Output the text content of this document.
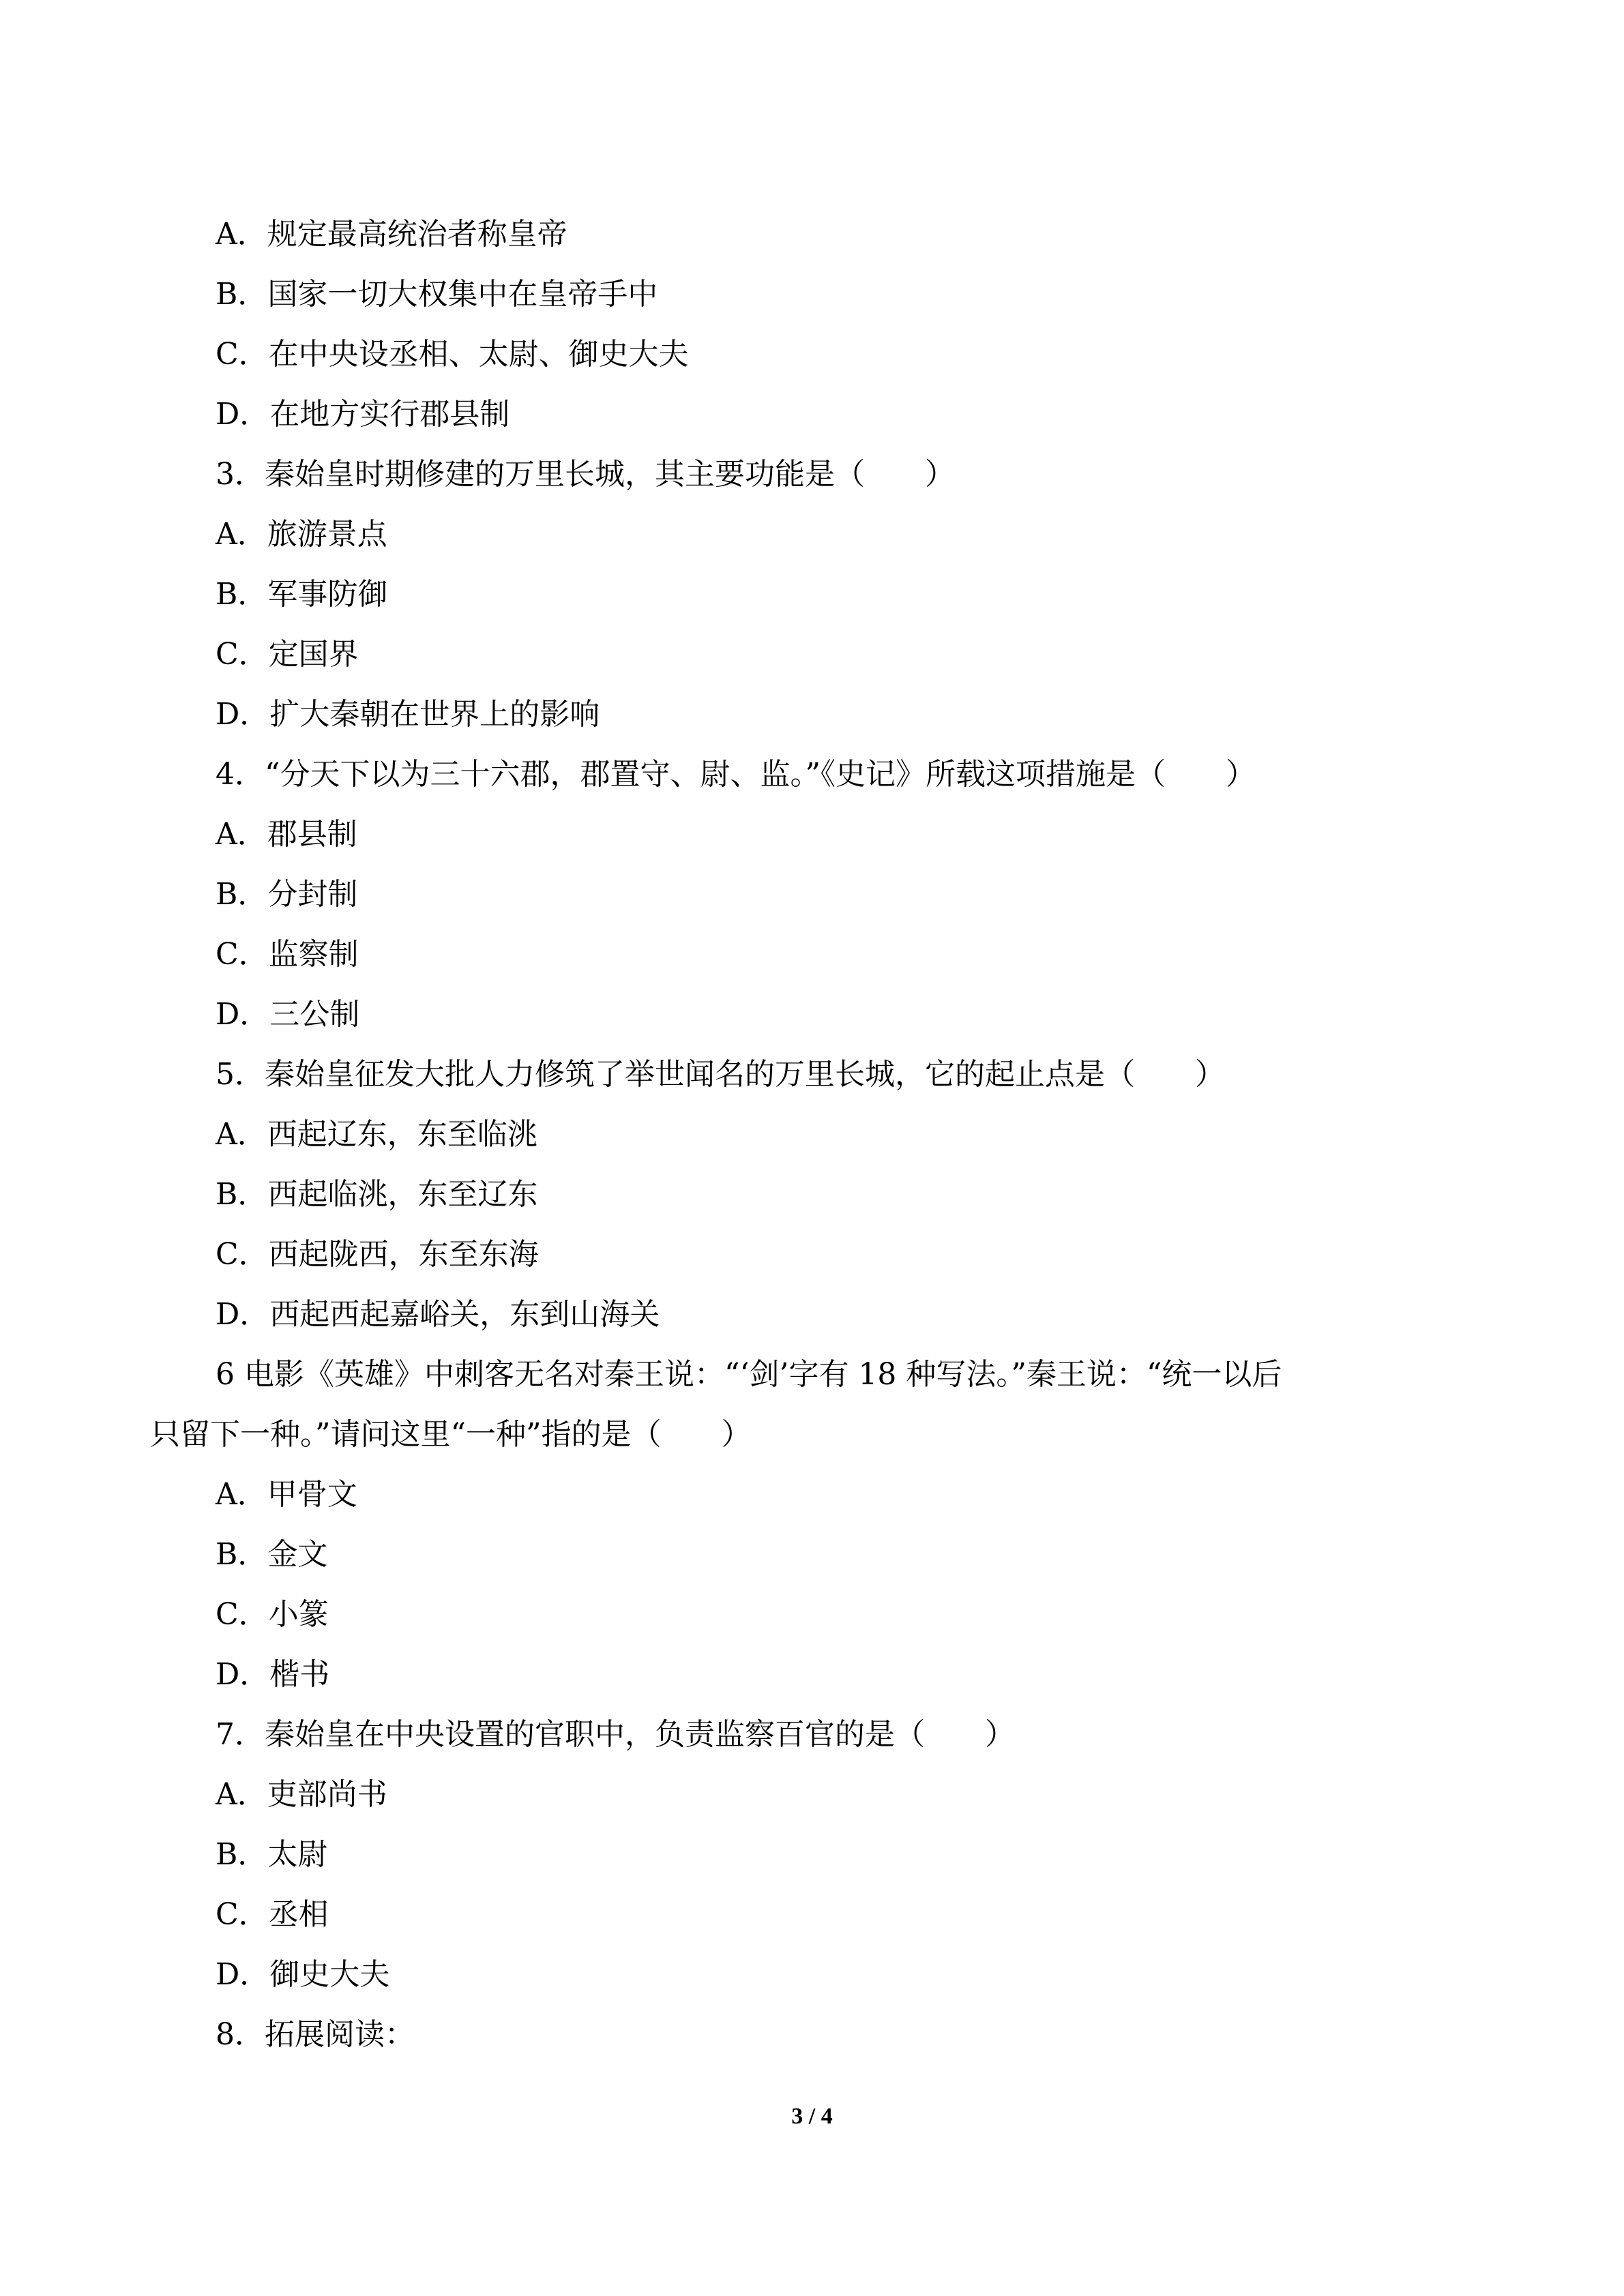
A．规定最高统治者称皇帝
B．国家一切大权集中在皇帝手中
C．在中央设丞相、太尉、御史大夫
D．在地方实行郡县制
3．秦始皇时期修建的万里长城，其主要功能是（　　）
A．旅游景点
B．军事防御
C．定国界
D．扩大秦朝在世界上的影响
4．“分天下以为三十六郡，郡置守、尉、监。”《史记》所载这项措施是（　　）
A．郡县制
B．分封制
C．监察制
D．三公制
5．秦始皇征发大批人力修筑了举世闻名的万里长城，它的起止点是（　　）
A．西起辽东，东至临洮
B．西起临洮，东至辽东
C．西起陇西，东至东海
D．西起西起嘉峪关，东到山海关
6 电影《英雄》中刺客无名对秦王说：“‘剑’字有 18 种写法。”秦王说：“统一以后
只留下一种。”请问这里“一种”指的是（　　）
A．甲骨文
B．金文
C．小篆
D．楷书
7．秦始皇在中央设置的官职中，负责监察百官的是（　　）
A．吏部尚书
B．太尉
C．丞相
D．御史大夫
8．拓展阅读：
3 / 4
